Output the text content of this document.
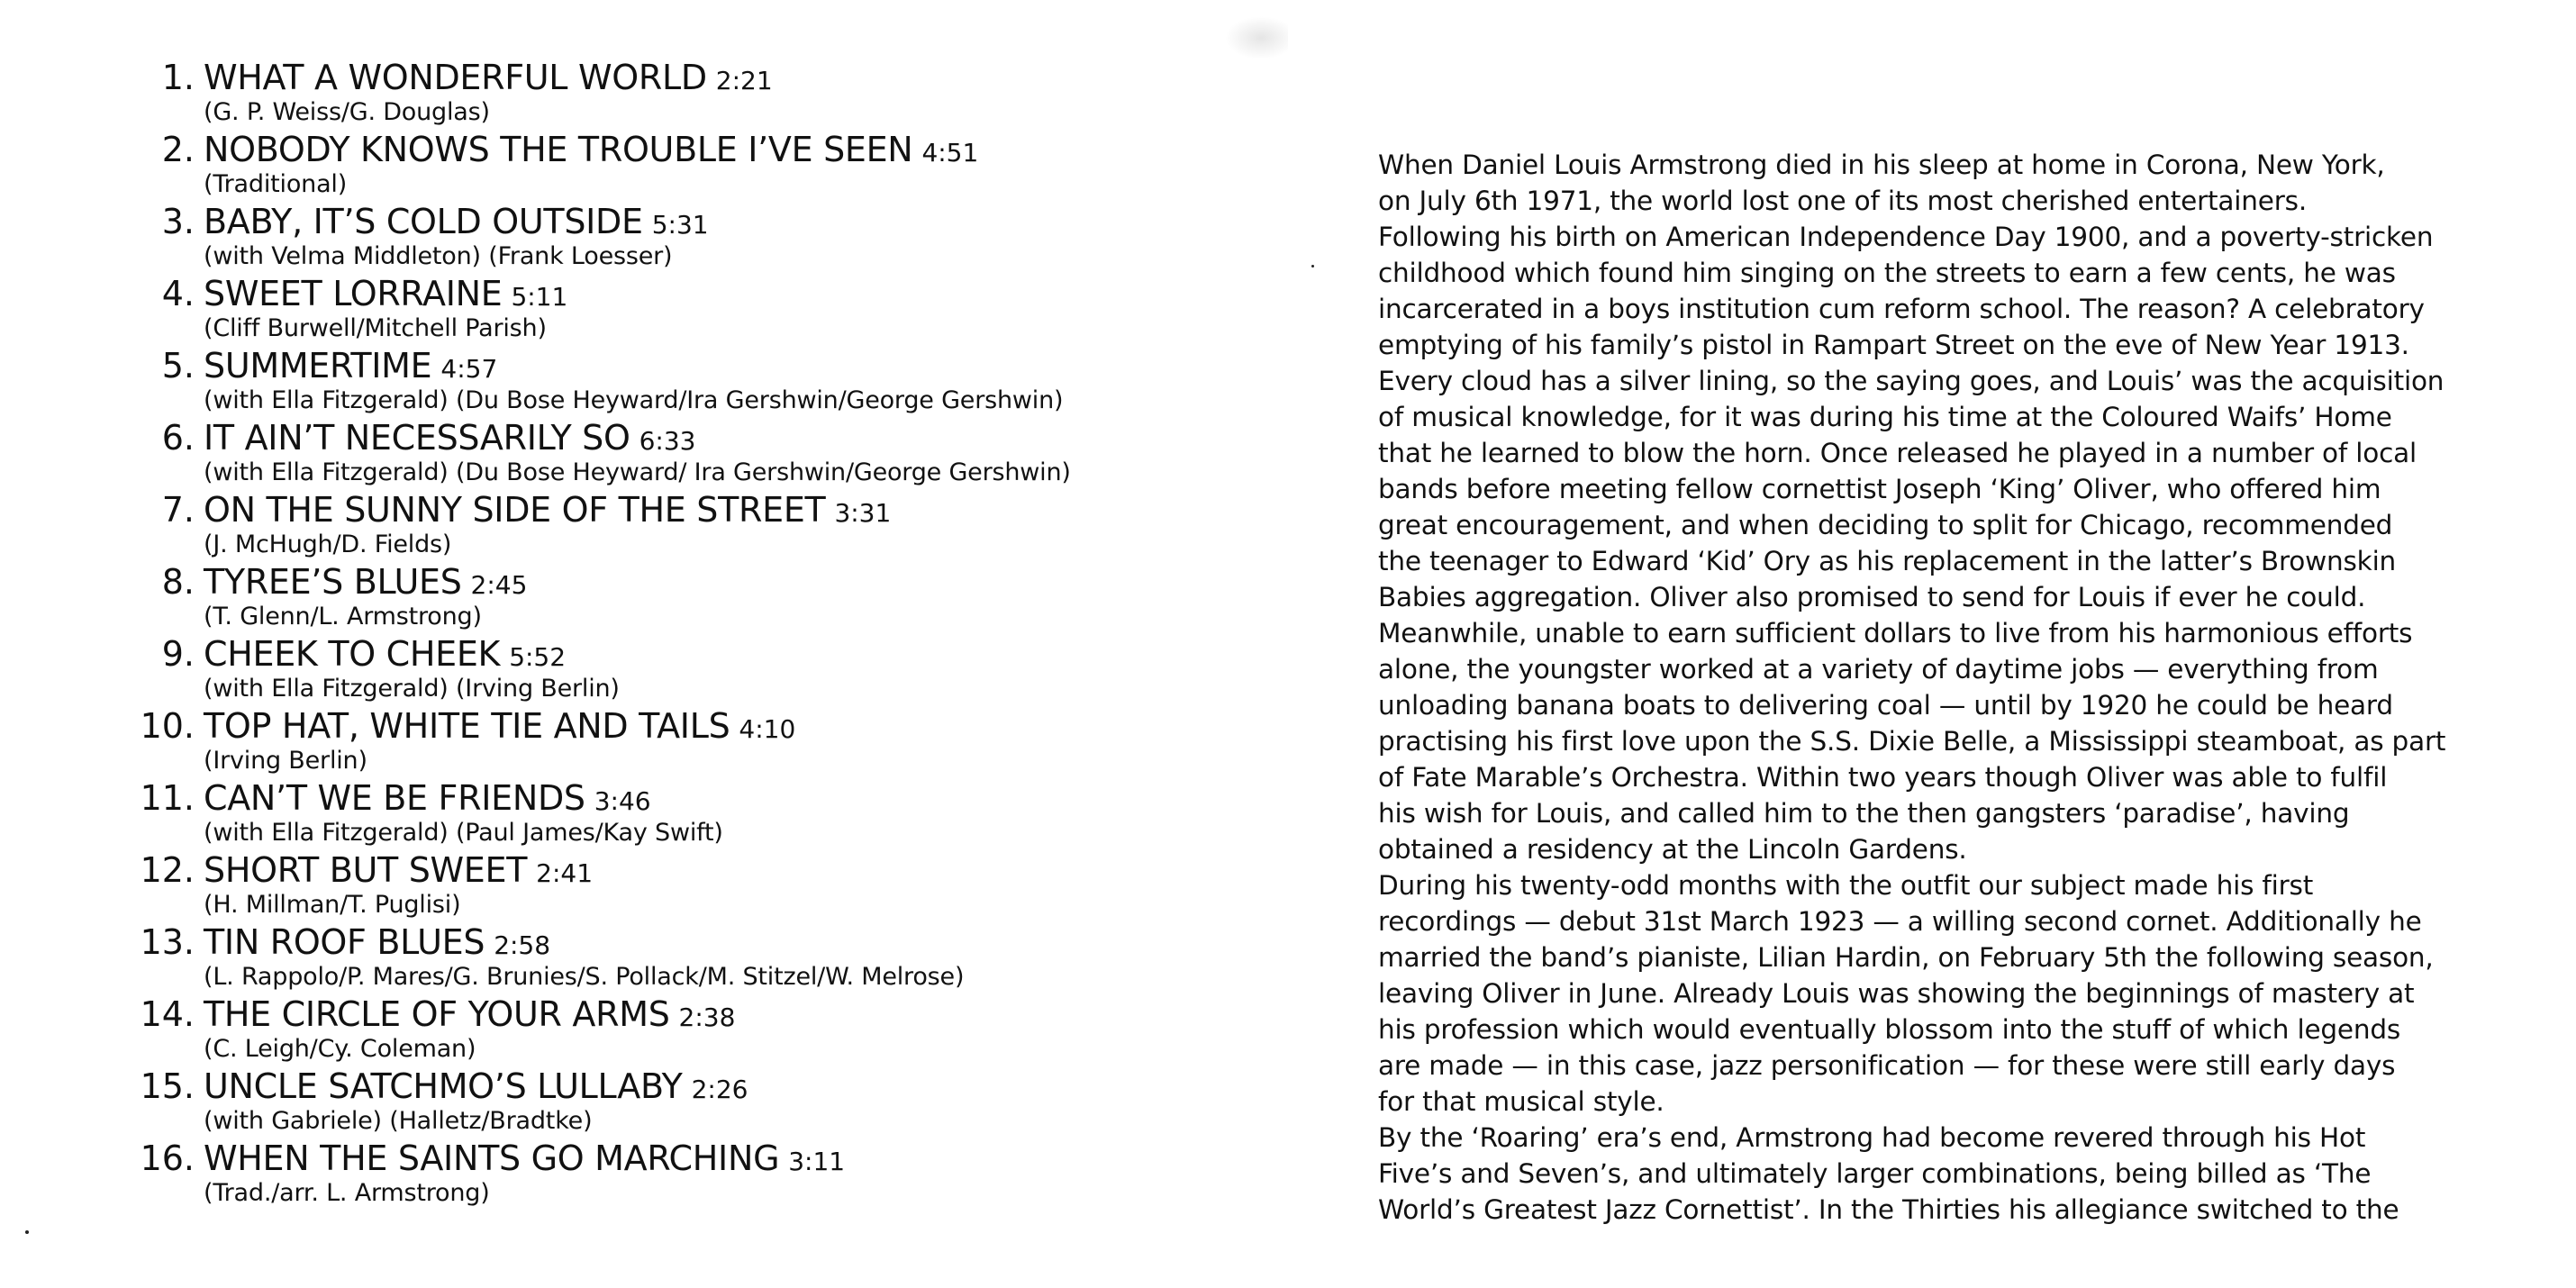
1. WHAT A WONDERFUL WORLD 2:21
(G. P. Weiss/G. Douglas)
2. NOBODY KNOWS THE TROUBLE I’VE SEEN 4:51
(Traditional)
3. BABY, IT’S COLD OUTSIDE 5:31
(with Velma Middleton) (Frank Loesser)
4. SWEET LORRAINE 5:11
(Cliff Burwell/Mitchell Parish)
5. SUMMERTIME 4:57
(with Ella Fitzgerald) (Du Bose Heyward/Ira Gershwin/George Gershwin)
6. IT AIN’T NECESSARILY SO 6:33
(with Ella Fitzgerald) (Du Bose Heyward/ Ira Gershwin/George Gershwin)
7. ON THE SUNNY SIDE OF THE STREET 3:31
(J. McHugh/D. Fields)
8. TYREE’S BLUES 2:45
(T. Glenn/L. Armstrong)
9. CHEEK TO CHEEK 5:52
(with Ella Fitzgerald) (Irving Berlin)
10. TOP HAT, WHITE TIE AND TAILS 4:10
(Irving Berlin)
11. CAN’T WE BE FRIENDS 3:46
(with Ella Fitzgerald) (Paul James/Kay Swift)
12. SHORT BUT SWEET 2:41
(H. Millman/T. Puglisi)
13. TIN ROOF BLUES 2:58
(L. Rappolo/P. Mares/G. Brunies/S. Pollack/M. Stitzel/W. Melrose)
14. THE CIRCLE OF YOUR ARMS 2:38
(C. Leigh/Cy. Coleman)
15. UNCLE SATCHMO’S LULLABY 2:26
(with Gabriele) (Halletz/Bradtke)
16. WHEN THE SAINTS GO MARCHING 3:11
(Trad./arr. L. Armstrong)
When Daniel Louis Armstrong died in his sleep at home in Corona, New York,
on July 6th 1971, the world lost one of its most cherished entertainers.
Following his birth on American Independence Day 1900, and a poverty-stricken
childhood which found him singing on the streets to earn a few cents, he was
incarcerated in a boys institution cum reform school. The reason? A celebratory
emptying of his family’s pistol in Rampart Street on the eve of New Year 1913.
Every cloud has a silver lining, so the saying goes, and Louis’ was the acquisition
of musical knowledge, for it was during his time at the Coloured Waifs’ Home
that he learned to blow the horn. Once released he played in a number of local
bands before meeting fellow cornettist Joseph ‘King’ Oliver, who offered him
great encouragement, and when deciding to split for Chicago, recommended
the teenager to Edward ‘Kid’ Ory as his replacement in the latter’s Brownskin
Babies aggregation. Oliver also promised to send for Louis if ever he could.
Meanwhile, unable to earn sufficient dollars to live from his harmonious efforts
alone, the youngster worked at a variety of daytime jobs — everything from
unloading banana boats to delivering coal — until by 1920 he could be heard
practising his first love upon the S.S. Dixie Belle, a Mississippi steamboat, as part
of Fate Marable’s Orchestra. Within two years though Oliver was able to fulfil
his wish for Louis, and called him to the then gangsters ‘paradise’, having
obtained a residency at the Lincoln Gardens.
During his twenty-odd months with the outfit our subject made his first
recordings — debut 31st March 1923 — a willing second cornet. Additionally he
married the band’s pianiste, Lilian Hardin, on February 5th the following season,
leaving Oliver in June. Already Louis was showing the beginnings of mastery at
his profession which would eventually blossom into the stuff of which legends
are made — in this case, jazz personification — for these were still early days
for that musical style.
By the ‘Roaring’ era’s end, Armstrong had become revered through his Hot
Five’s and Seven’s, and ultimately larger combinations, being billed as ‘The
World’s Greatest Jazz Cornettist’. In the Thirties his allegiance switched to the
